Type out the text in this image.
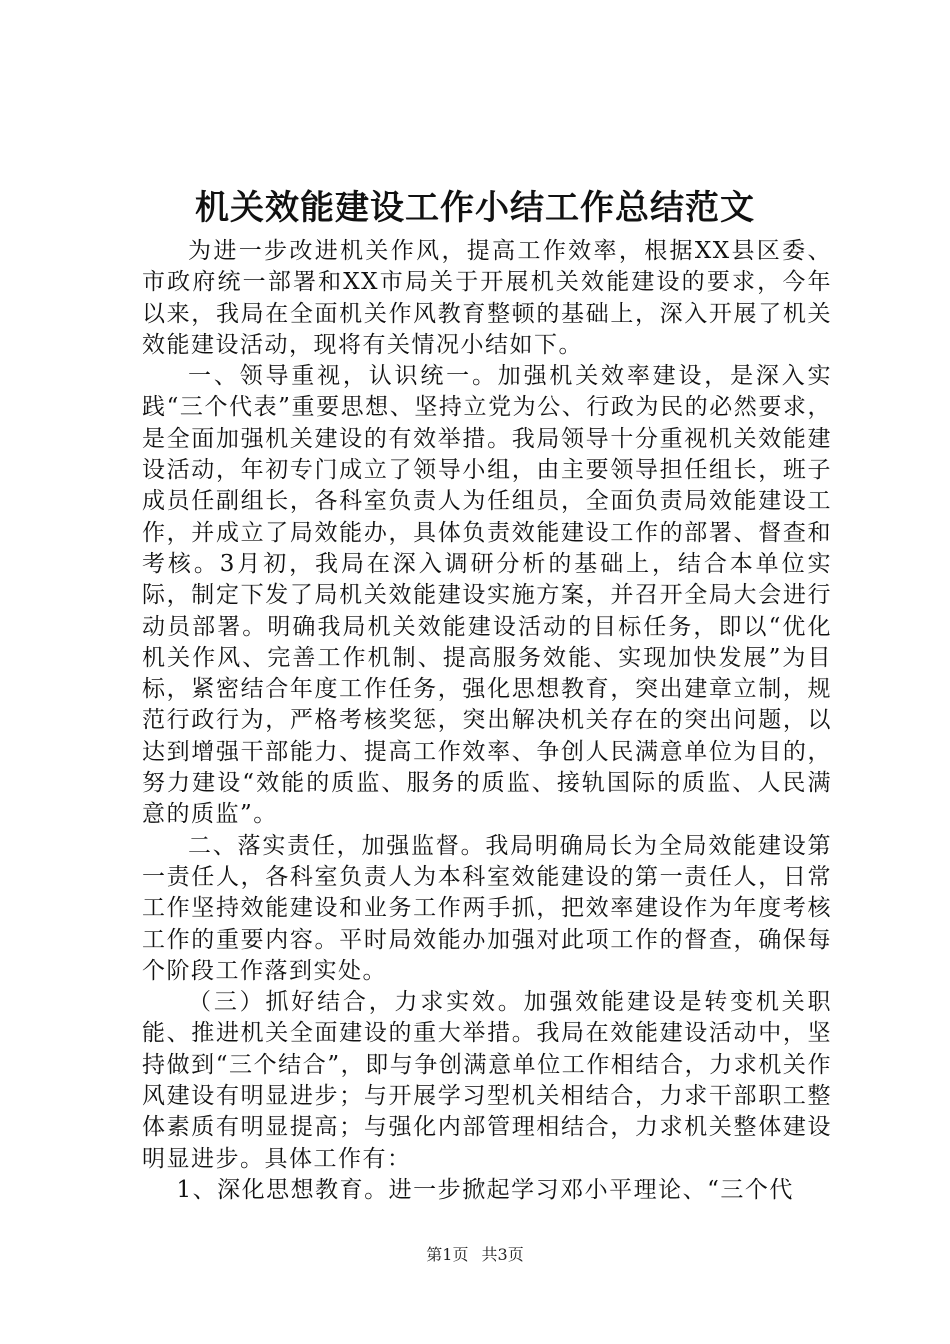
机关效能建设工作小结工作总结范文

为进一步改进机关作风，提高工作效率，根据XX县区委、市政府统一部署和XX市局关于开展机关效能建设的要求，今年以来，我局在全面机关作风教育整顿的基础上，深入开展了机关效能建设活动，现将有关情况小结如下。

一、领导重视，认识统一。加强机关效率建设，是深入实践“三个代表”重要思想、坚持立党为公、行政为民的必然要求，是全面加强机关建设的有效举措。我局领导十分重视机关效能建设活动，年初专门成立了领导小组，由主要领导担任组长，班子成员任副组长，各科室负责人为任组员，全面负责局效能建设工作，并成立了局效能办，具体负责效能建设工作的部署、督查和考核。3月初，我局在深入调研分析的基础上，结合本单位实际，制定下发了局机关效能建设实施方案，并召开全局大会进行动员部署。明确我局机关效能建设活动的目标任务，即以“优化机关作风、完善工作机制、提高服务效能、实现加快发展”为目标，紧密结合年度工作任务，强化思想教育，突出建章立制，规范行政行为，严格考核奖惩，突出解决机关存在的突出问题，以达到增强干部能力、提高工作效率、争创人民满意单位为目的，努力建设“效能的质监、服务的质监、接轨国际的质监、人民满意的质监”。

二、落实责任，加强监督。我局明确局长为全局效能建设第一责任人，各科室负责人为本科室效能建设的第一责任人，日常工作坚持效能建设和业务工作两手抓，把效率建设作为年度考核工作的重要内容。平时局效能办加强对此项工作的督查，确保每个阶段工作落到实处。

（三）抓好结合，力求实效。加强效能建设是转变机关职能、推进机关全面建设的重大举措。我局在效能建设活动中，坚持做到“三个结合”，即与争创满意单位工作相结合，力求机关作风建设有明显进步；与开展学习型机关相结合，力求干部职工整体素质有明显提高；与强化内部管理相结合，力求机关整体建设明显进步。具体工作有：

1、深化思想教育。进一步掀起学习邓小平理论、“三个代

第1页 共3页
